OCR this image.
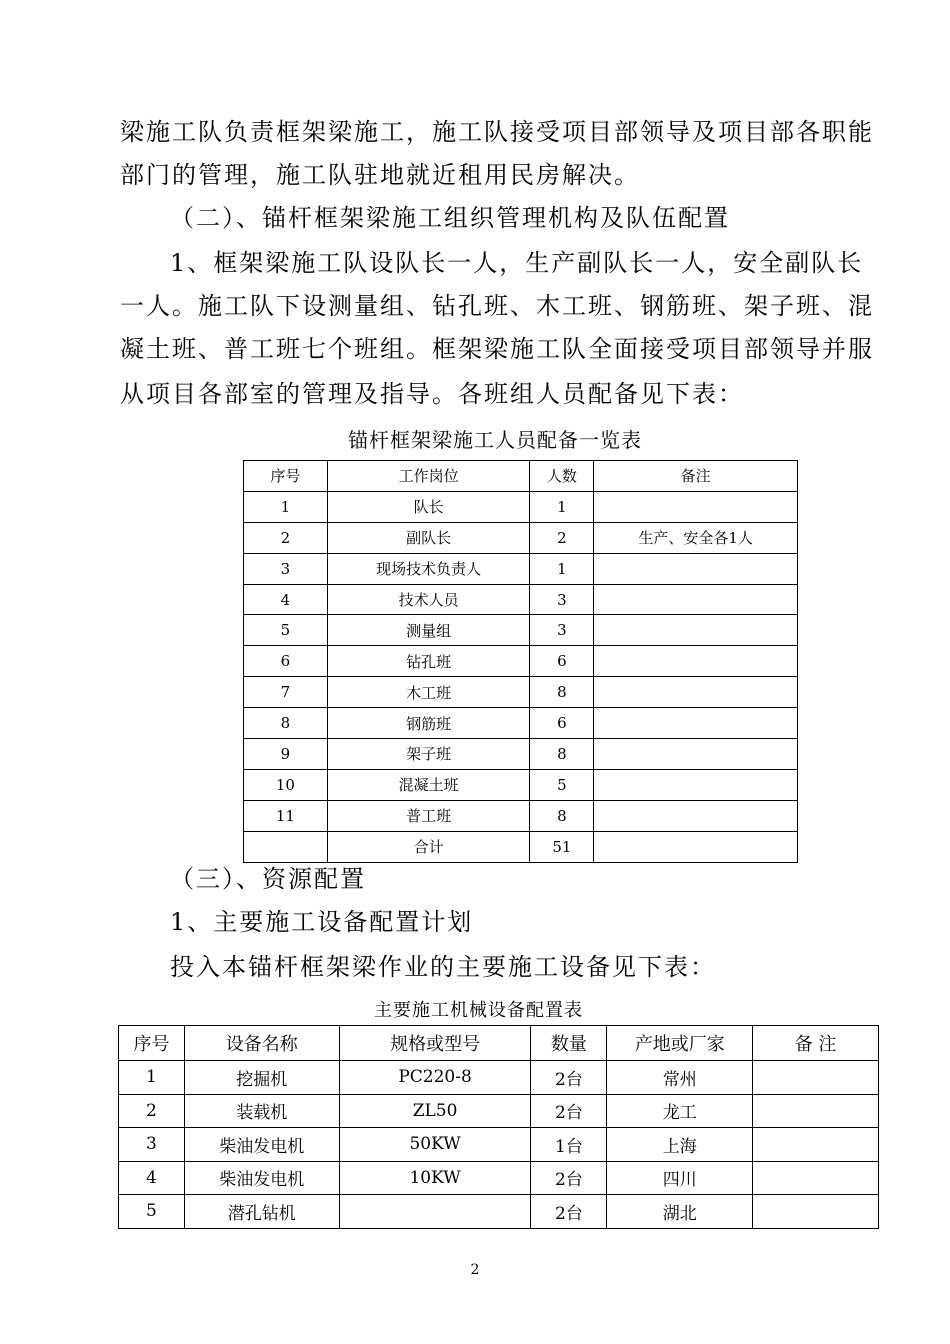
梁施工队负责框架梁施工，施工队接受项目部领导及项目部各职能
部门的管理，施工队驻地就近租用民房解决。
（二）、锚杆框架梁施工组织管理机构及队伍配置
1、框架梁施工队设队长一人，生产副队长一人，安全副队长
一人。施工队下设测量组、钻孔班、木工班、钢筋班、架子班、混
凝土班、普工班七个班组。框架梁施工队全面接受项目部领导并服
从项目各部室的管理及指导。各班组人员配备见下表：
锚杆框架梁施工人员配备一览表
序号	工作岗位	人数	备注
1	队长	1	
2	副队长	2	生产、安全各1人
3	现场技术负责人	1	
4	技术人员	3	
5	测量组	3	
6	钻孔班	6	
7	木工班	8	
8	钢筋班	6	
9	架子班	8	
10	混凝土班	5	
11	普工班	8	
	合计	51	
（三）、资源配置
1、主要施工设备配置计划
投入本锚杆框架梁作业的主要施工设备见下表：
主要施工机械设备配置表
序号	设备名称	规格或型号	数量	产地或厂家	备 注
1	挖掘机	PC220-8	2台	常州	
2	装载机	ZL50	2台	龙工	
3	柴油发电机	50KW	1台	上海	
4	柴油发电机	10KW	2台	四川	
5	潜孔钻机		2台	湖北	
2
